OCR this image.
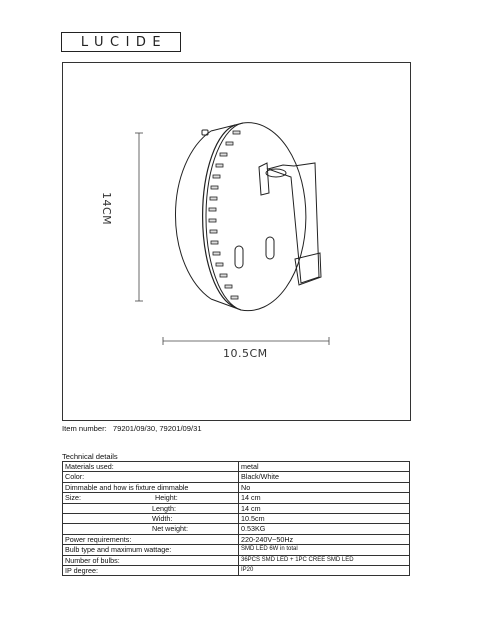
LUCIDE
10.5CM
14CM
Item number: 79201/09/30, 79201/09/31
Technical details
Materials used:	metal
Color:	Black/White
Dimmable and how is fixture dimmable	No
Size: Height:	14 cm
Length:	14 cm
Width:	10.5cm
Net weight:	0.53KG
Power requirements:	220-240V~50Hz
Bulb type and maximum wattage:	SMD LED 6W in total
Number of bulbs:	36PCS SMD LED + 1PC CREE SMD LED
IP degree:	IP20
